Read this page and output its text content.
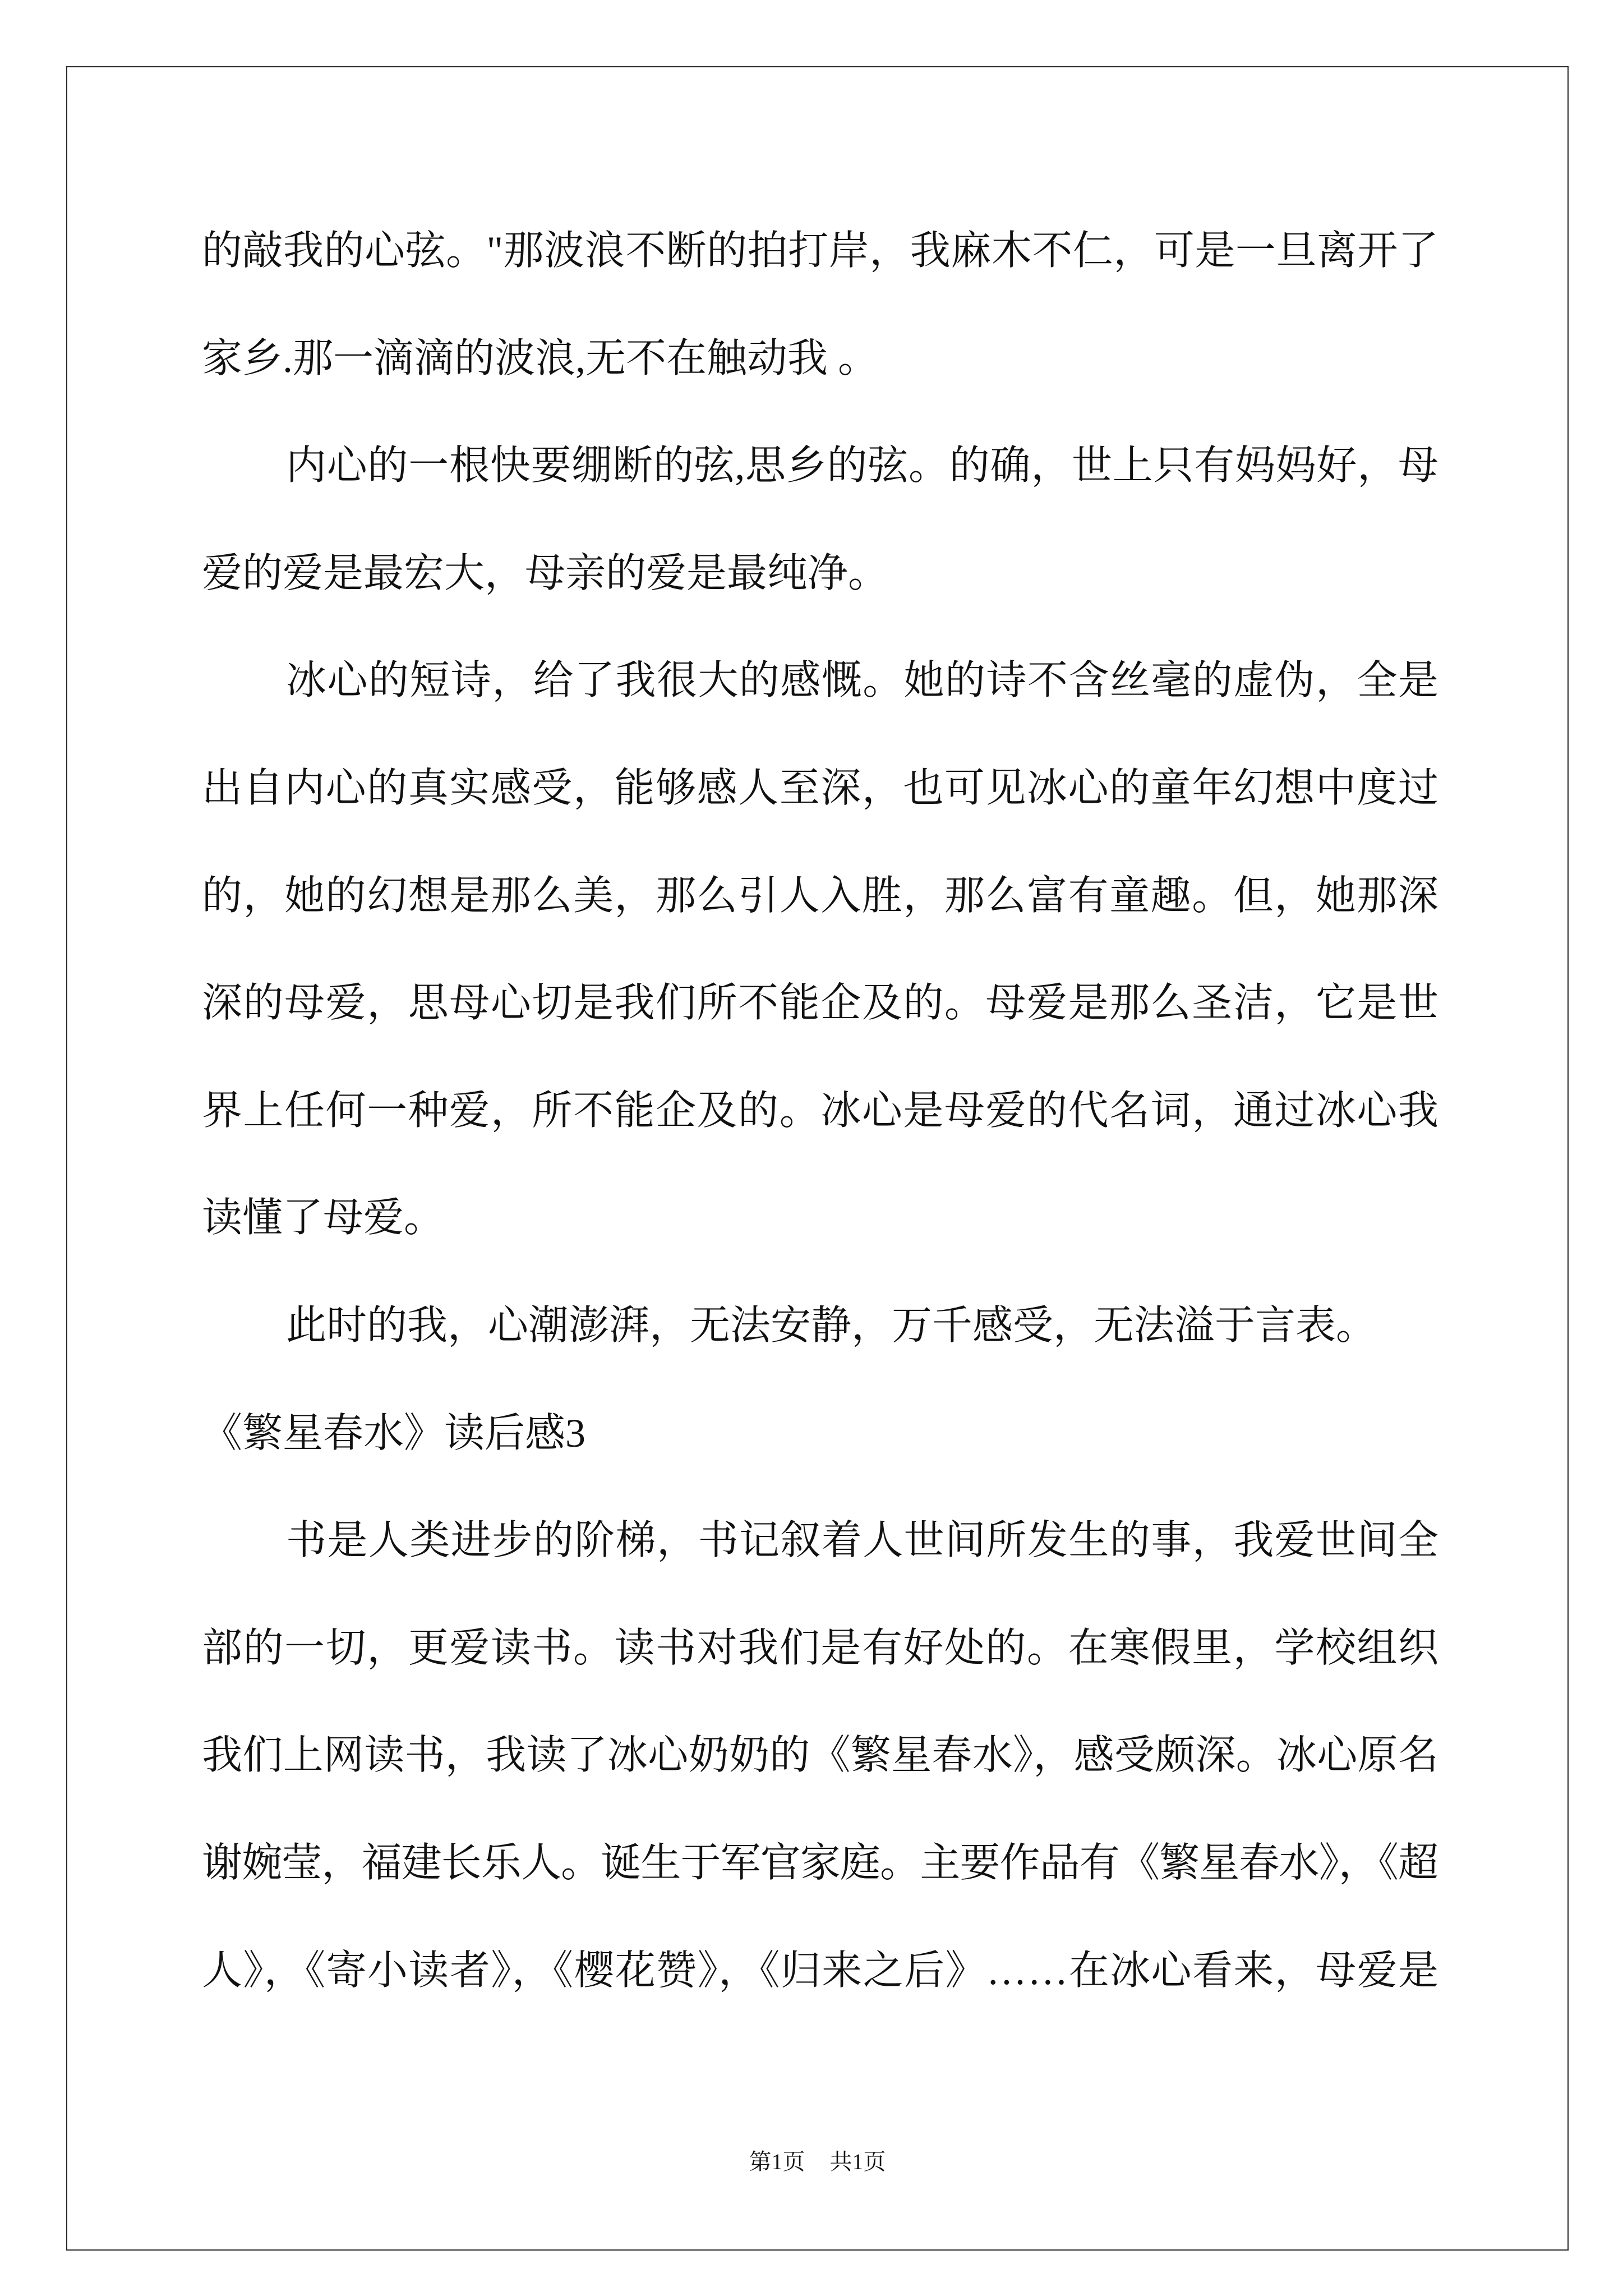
的敲我的心弦。"那波浪不断的拍打岸，我麻木不仁，可是一旦离开了
家乡.那一滴滴的波浪,无不在触动我 。
内心的一根快要绷断的弦,思乡的弦。的确，世上只有妈妈好，母
爱的爱是最宏大，母亲的爱是最纯净。
冰心的短诗，给了我很大的感慨。她的诗不含丝毫的虚伪，全是
出自内心的真实感受，能够感人至深，也可见冰心的童年幻想中度过
的，她的幻想是那么美，那么引人入胜，那么富有童趣。但，她那深
深的母爱，思母心切是我们所不能企及的。母爱是那么圣洁，它是世
界上任何一种爱，所不能企及的。冰心是母爱的代名词，通过冰心我
读懂了母爱。
此时的我，心潮澎湃，无法安静，万千感受，无法溢于言表。
《繁星春水》读后感3
书是人类进步的阶梯，书记叙着人世间所发生的事，我爱世间全
部的一切，更爱读书。读书对我们是有好处的。在寒假里，学校组织
我们上网读书，我读了冰心奶奶的《繁星春水》，感受颇深。冰心原名
谢婉莹，福建长乐人。诞生于军官家庭。主要作品有《繁星春水》，《超
人》，《寄小读者》，《樱花赞》，《归来之后》……在冰心看来，母爱是
第1页 共1页
